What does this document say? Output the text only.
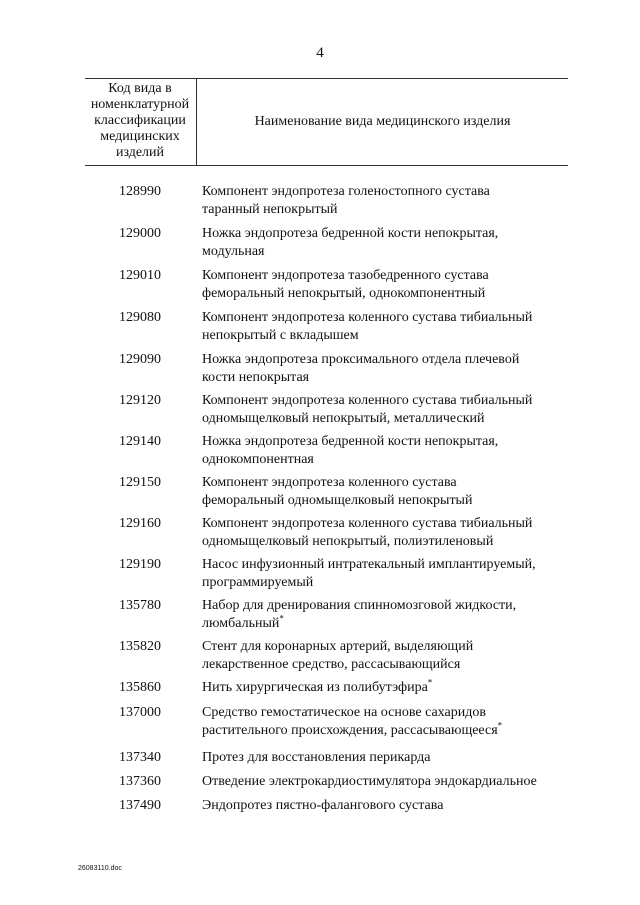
4
Код вида в
номенклатурной
классификации
медицинских
изделий
Наименование вида медицинского изделия
128990	Компонент эндопротеза голеностопного сустава
таранный непокрытый
129000	Ножка эндопротеза бедренной кости непокрытая,
модульная
129010	Компонент эндопротеза тазобедренного сустава
феморальный непокрытый, однокомпонентный
129080	Компонент эндопротеза коленного сустава тибиальный
непокрытый с вкладышем
129090	Ножка эндопротеза проксимального отдела плечевой
кости непокрытая
129120	Компонент эндопротеза коленного сустава тибиальный
одномыщелковый непокрытый, металлический
129140	Ножка эндопротеза бедренной кости непокрытая,
однокомпонентная
129150	Компонент эндопротеза коленного сустава
феморальный одномыщелковый непокрытый
129160	Компонент эндопротеза коленного сустава тибиальный
одномыщелковый непокрытый, полиэтиленовый
129190	Насос инфузионный интратекальный имплантируемый,
программируемый
135780	Набор для дренирования спинномозговой жидкости,
люмбальный*
135820	Стент для коронарных артерий, выделяющий
лекарственное средство, рассасывающийся
135860	Нить хирургическая из полибутэфира*
137000	Средство гемостатическое на основе сахаридов
растительного происхождения, рассасывающееся*
137340	Протез для восстановления перикарда
137360	Отведение электрокардиостимулятора эндокардиальное
137490	Эндопротез пястно-фалангового сустава
26083110.doc
